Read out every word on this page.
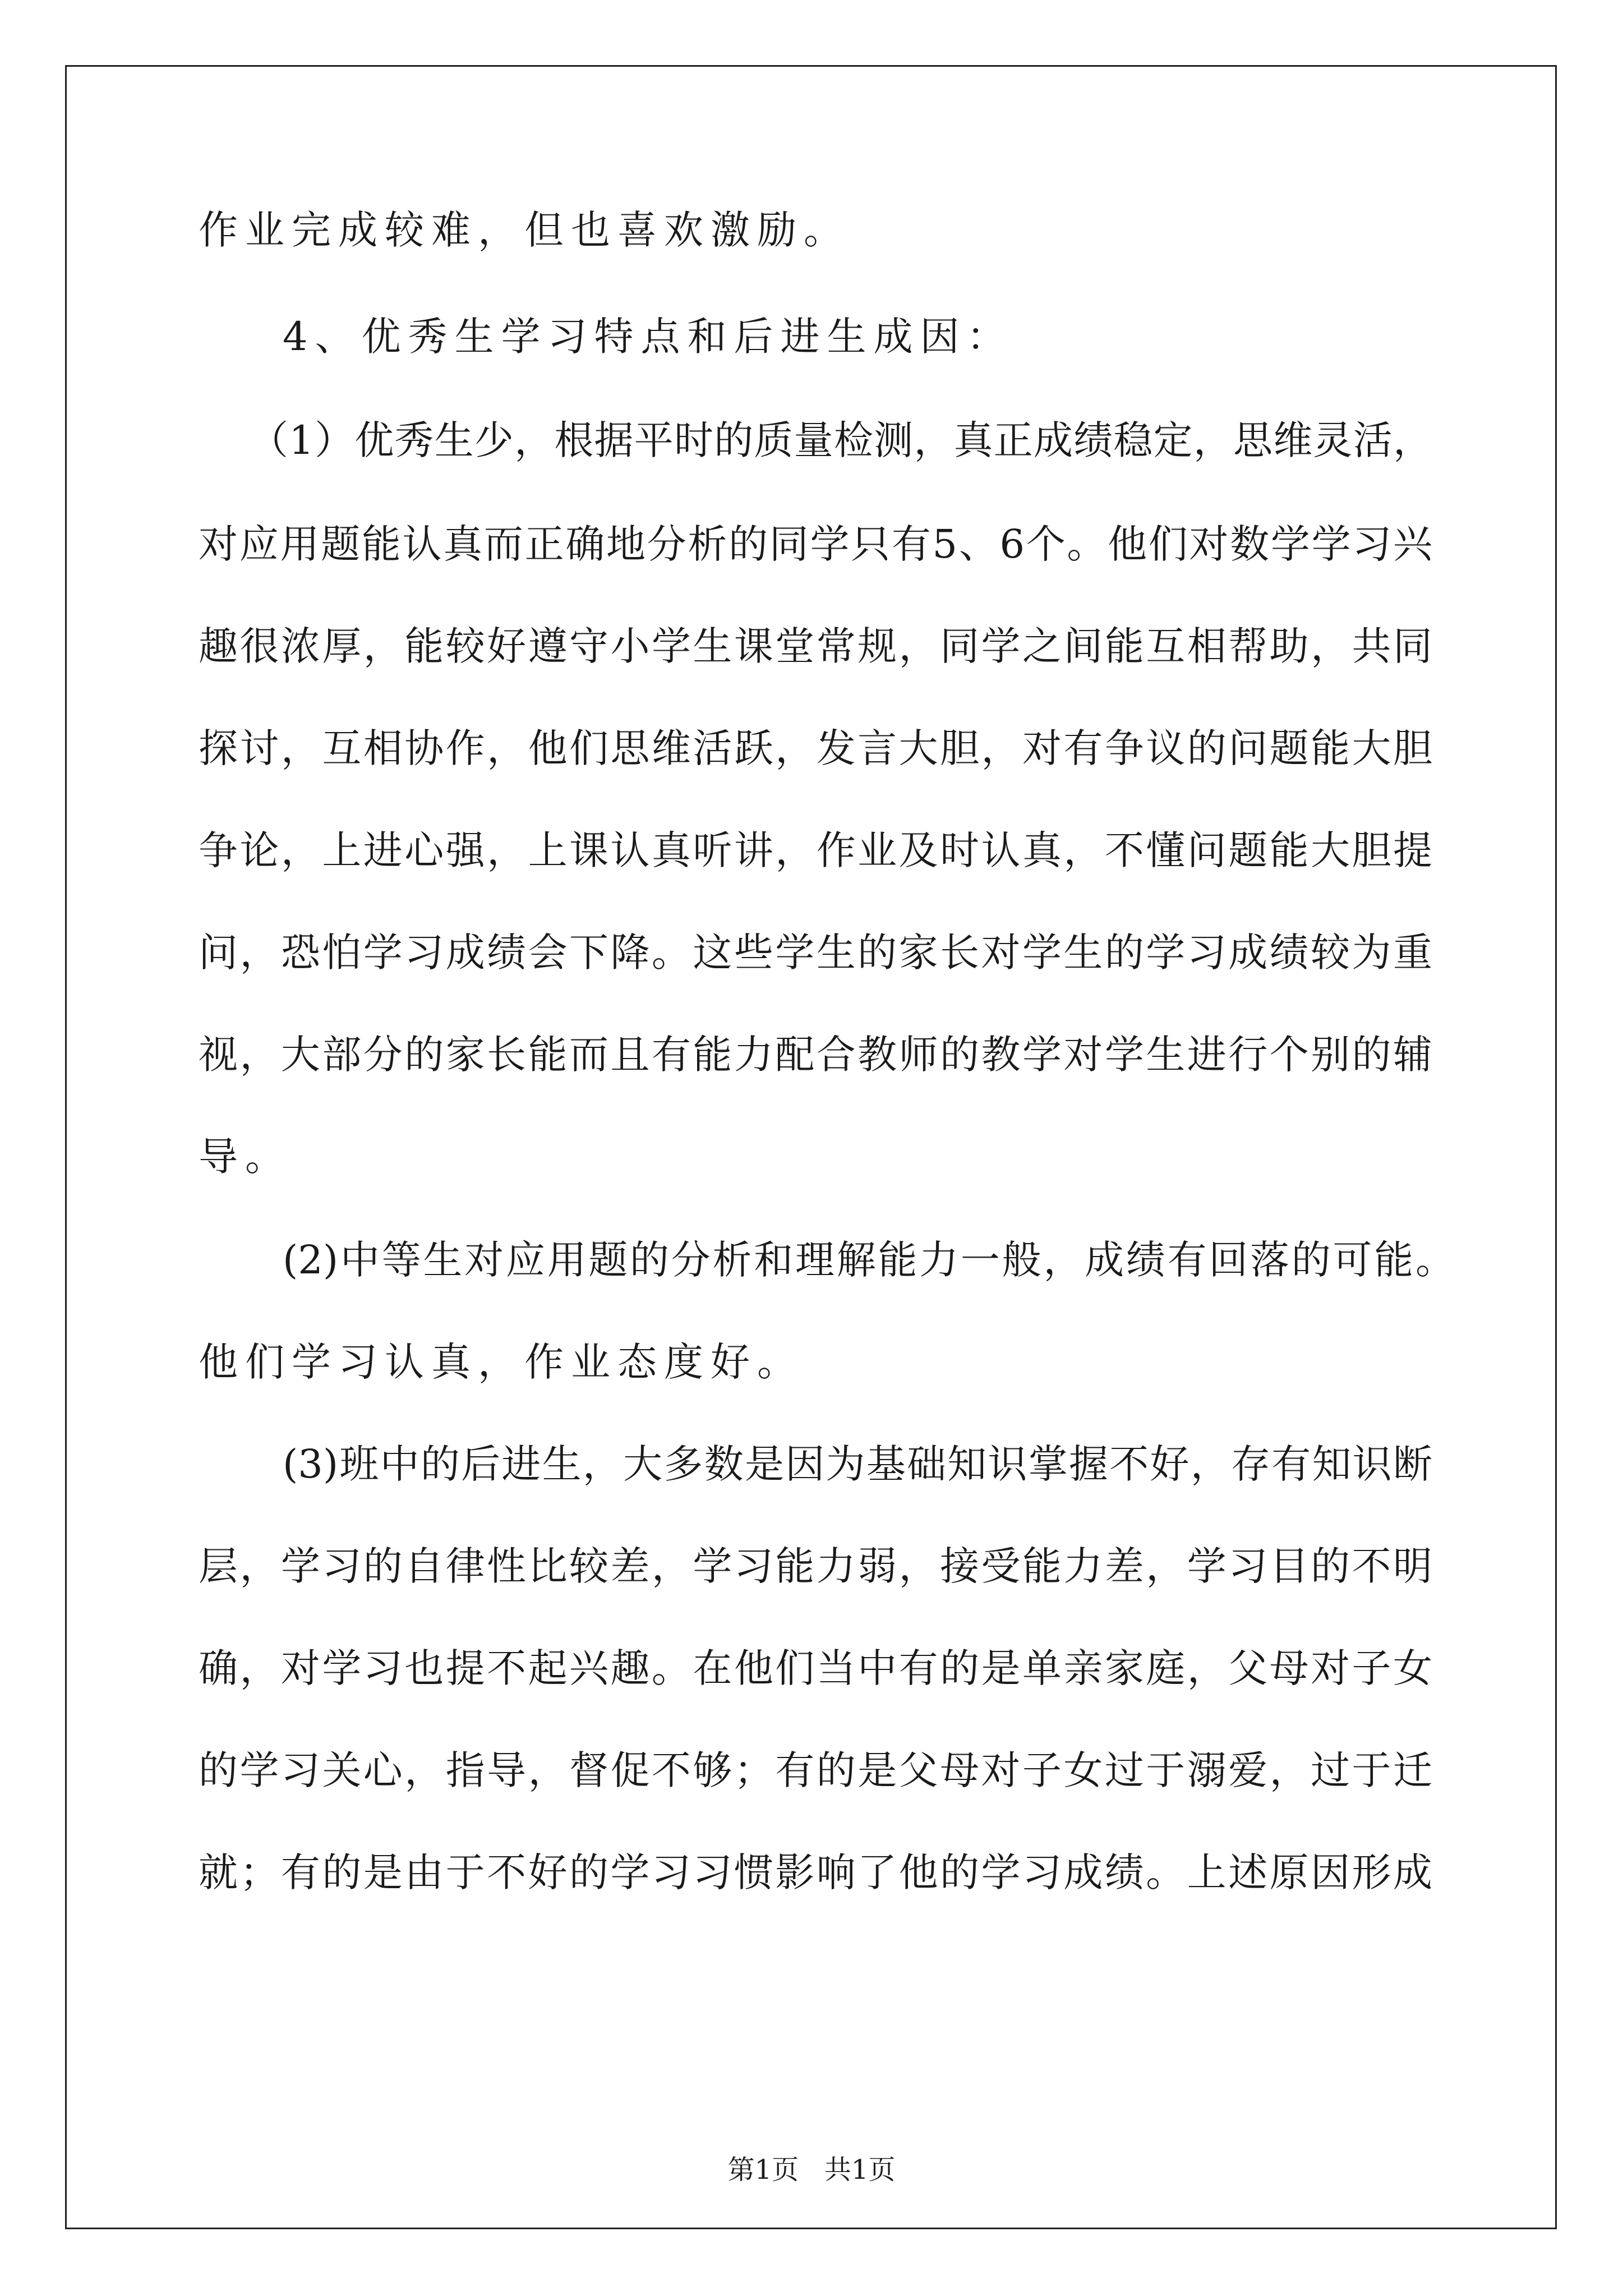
作业完成较难，但也喜欢激励。
4、优秀生学习特点和后进生成因：
（1）优秀生少，根据平时的质量检测，真正成绩稳定，思维灵活，
对应用题能认真而正确地分析的同学只有5、6个。他们对数学学习兴
趣很浓厚，能较好遵守小学生课堂常规，同学之间能互相帮助，共同
探讨，互相协作，他们思维活跃，发言大胆，对有争议的问题能大胆
争论，上进心强，上课认真听讲，作业及时认真，不懂问题能大胆提
问，恐怕学习成绩会下降。这些学生的家长对学生的学习成绩较为重
视，大部分的家长能而且有能力配合教师的教学对学生进行个别的辅
导。
(2)中等生对应用题的分析和理解能力一般，成绩有回落的可能。
他们学习认真，作业态度好。
(3)班中的后进生，大多数是因为基础知识掌握不好，存有知识断
层，学习的自律性比较差，学习能力弱，接受能力差，学习目的不明
确，对学习也提不起兴趣。在他们当中有的是单亲家庭，父母对子女
的学习关心，指导，督促不够；有的是父母对子女过于溺爱，过于迁
就；有的是由于不好的学习习惯影响了他的学习成绩。上述原因形成
第1页 共1页
